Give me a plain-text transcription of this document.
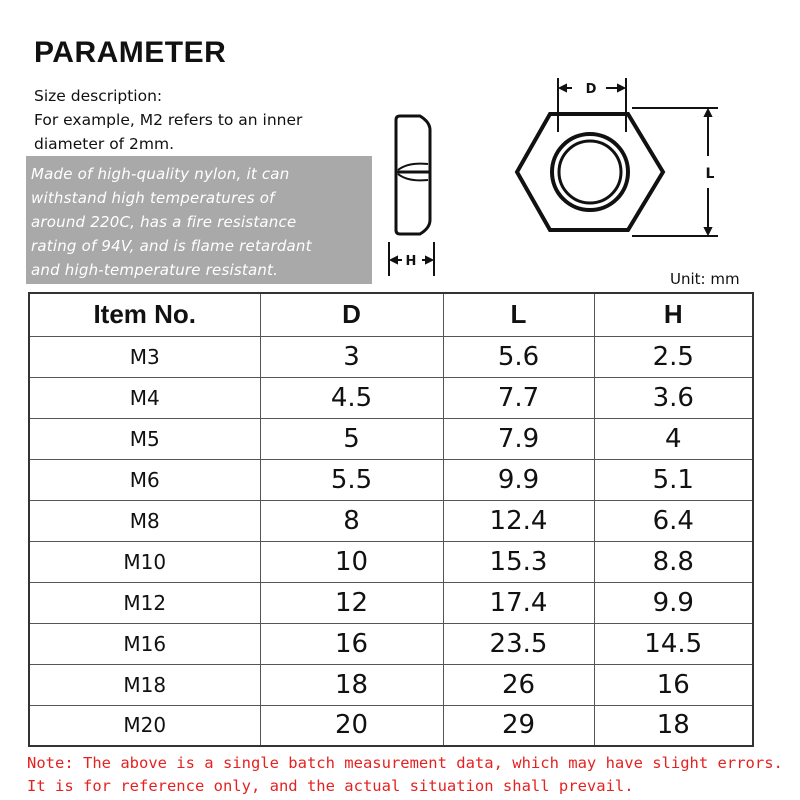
PARAMETER
Size description:
For example, M2 refers to an inner
diameter of 2mm.
Made of high-quality nylon, it can
withstand high temperatures of
around 220C, has a fire resistance
rating of 94V, and is flame retardant
and high-temperature resistant.	H
D
L
Unit: mm
Item No.	D	L	H
M3	3	5.6	2.5
M4	4.5	7.7	3.6
M5	5	7.9	4
M6	5.5	9.9	5.1
M8	8	12.4	6.4
M10	10	15.3	8.8
M12	12	17.4	9.9
M16	16	23.5	14.5
M18	18	26	16
M20	20	29	18
Note: The above is a single batch measurement data, which may have slight errors.
It is for reference only, and the actual situation shall prevail.
